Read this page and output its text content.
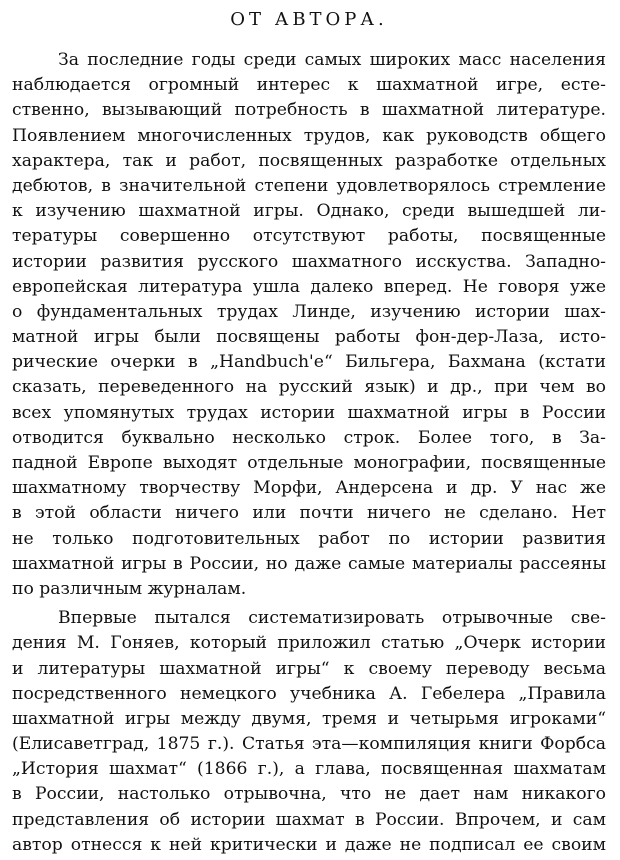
ОТ АВТОРА.
За последние годы среди самых широких масс населения
наблюдается огромный интерес к шахматной игре, есте-
ственно, вызывающий потребность в шахматной литературе.
Появлением многочисленных трудов, как руководств общего
характера, так и работ, посвященных разработке отдельных
дебютов, в значительной степени удовлетворялось стремление
к изучению шахматной игры. Однако, среди вышедшей ли-
тературы совершенно отсутствуют работы, посвященные
истории развития русского шахматного исскуства. Западно-
европейская литература ушла далеко вперед. Не говоря уже
о фундаментальных трудах Линде, изучению истории шах-
матной игры были посвящены работы фон-дер-Лаза, исто-
рические очерки в „Handbuch'e“ Бильгера, Бахмана (кстати
сказать, переведенного на русский язык) и др., при чем во
всех упомянутых трудах истории шахматной игры в России
отводится буквально несколько строк. Более того, в За-
падной Европе выходят отдельные монографии, посвященные
шахматному творчеству Морфи, Андерсена и др. У нас же
в этой области ничего или почти ничего не сделано. Нет
не только подготовительных работ по истории развития
шахматной игры в России, но даже самые материалы рассеяны
по различным журналам.
Впервые пытался систематизировать отрывочные све-
дения М. Гоняев, который приложил статью „Очерк истории
и литературы шахматной игры“ к своему переводу весьма
посредственного немецкого учебника А. Гебелера „Правила
шахматной игры между двумя, тремя и четырьмя игроками“
(Елисаветград, 1875 г.). Статья эта—компиляция книги Форбса
„История шахмат“ (1866 г.), а глава, посвященная шахматам
в России, настолько отрывочна, что не дает нам никакого
представления об истории шахмат в России. Впрочем, и сам
автор отнесся к ней критически и даже не подписал ее своим
